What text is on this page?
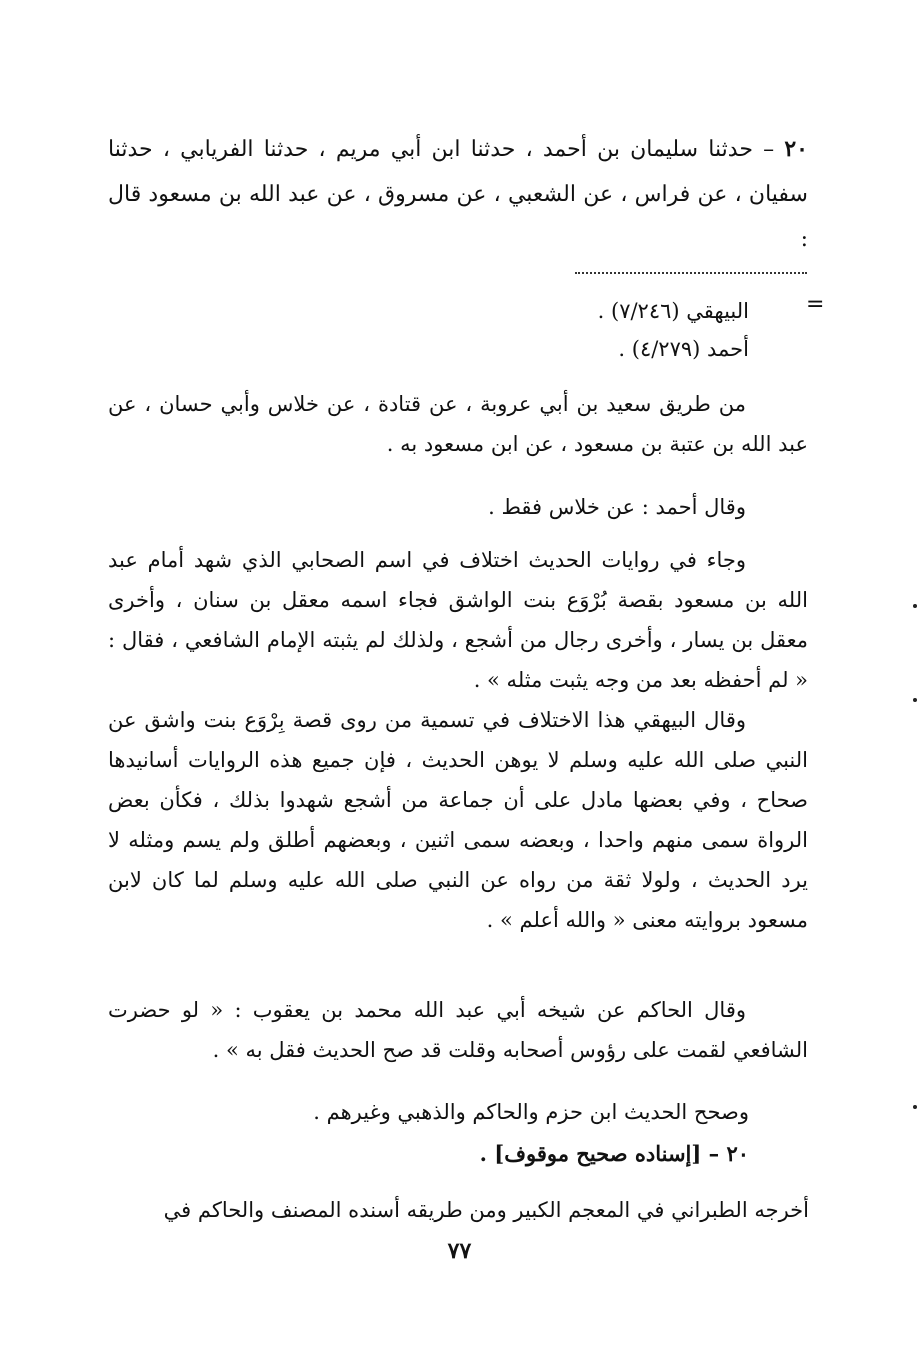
٢٠ – حدثنا سليمان بن أحمد ، حدثنا ابن أبي مريم ، حدثنا الفريابي ، حدثنا سفيان ، عن فراس ، عن الشعبي ، عن مسروق ، عن عبد الله بن مسعود قال :
=
البيهقي (٧/٢٤٦) .
أحمد (٤/٢٧٩) .
من طريق سعيد بن أبي عروبة ، عن قتادة ، عن خلاس وأبي حسان ، عن عبد الله بن عتبة بن مسعود ، عن ابن مسعود به .
وقال أحمد : عن خلاس فقط .
وجاء في روايات الحديث اختلاف في اسم الصحابي الذي شهد أمام عبد الله بن مسعود بقصة بُرْوَع بنت الواشق فجاء اسمه معقل بن سنان ، وأخرى معقل بن يسار ، وأخرى رجال من أشجع ، ولذلك لم يثبته الإمام الشافعي ، فقال : « لم أحفظه بعد من وجه يثبت مثله » .
وقال البيهقي هذا الاختلاف في تسمية من روى قصة بِرْوَع بنت واشق عن النبي صلى الله عليه وسلم لا يوهن الحديث ، فإن جميع هذه الروايات أسانيدها صحاح ، وفي بعضها مادل على أن جماعة من أشجع شهدوا بذلك ، فكأن بعض الرواة سمى منهم واحدا ، وبعضه سمى اثنين ، وبعضهم أطلق ولم يسم ومثله لا يرد الحديث ، ولولا ثقة من رواه عن النبي صلى الله عليه وسلم لما كان لابن مسعود بروايته معنى « والله أعلم » .
وقال الحاكم عن شيخه أبي عبد الله محمد بن يعقوب : « لو حضرت الشافعي لقمت على رؤوس أصحابه وقلت قد صح الحديث فقل به » .
وصحح الحديث ابن حزم والحاكم والذهبي وغيرهم .
٢٠ – [إسناده صحيح موقوف] .
أخرجه الطبراني في المعجم الكبير ومن طريقه أسنده المصنف والحاكم في
٧٧
